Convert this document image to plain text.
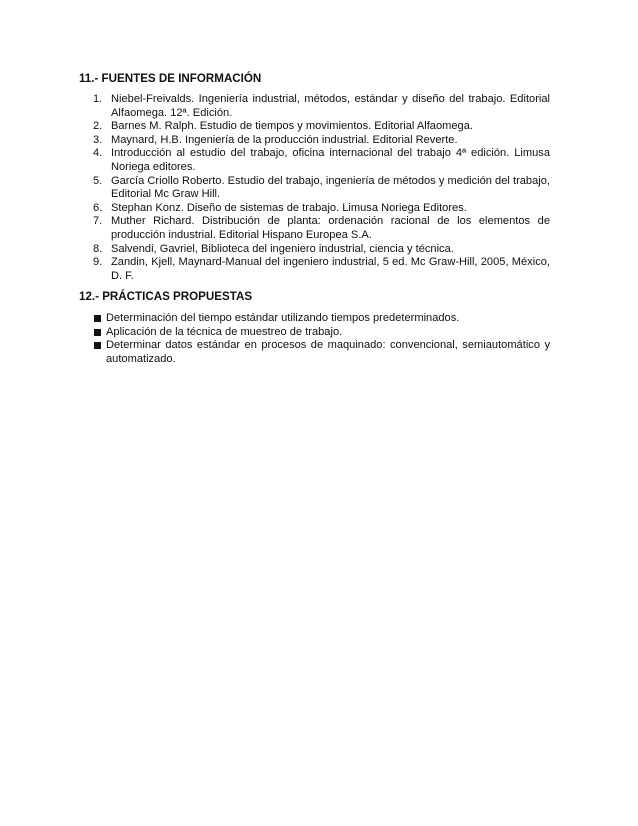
11.- FUENTES DE INFORMACIÓN
1. Niebel-Freivalds. Ingeniería industrial, métodos, estándar y diseño del trabajo. Editorial Alfaomega. 12ª. Edición.
2. Barnes M. Ralph. Estudio de tiempos y movimientos. Editorial Alfaomega.
3. Maynard, H.B. Ingeniería de la producción industrial. Editorial Reverte.
4. Introducción al estudio del trabajo, oficina internacional del trabajo 4ª edición. Limusa Noriega editores.
5. García Criollo Roberto. Estudio del trabajo, ingeniería de métodos y medición del trabajo, Editorial Mc Graw Hill.
6. Stephan Konz. Diseño de sistemas de trabajo. Limusa Noriega Editores.
7. Muther Richard. Distribución de planta: ordenación racional de los elementos de producción industrial. Editorial Hispano Europea S.A.
8. Salvendi, Gavriel, Biblioteca del ingeniero industrial, ciencia y técnica.
9. Zandin, Kjell, Maynard-Manual del ingeniero industrial, 5 ed. Mc Graw-Hill, 2005, México, D. F.
12.- PRÁCTICAS PROPUESTAS
Determinación del tiempo estándar utilizando tiempos predeterminados.
Aplicación de la técnica de muestreo de trabajo.
Determinar datos estándar en procesos de maquinado: convencional, semiautomático y automatizado.
